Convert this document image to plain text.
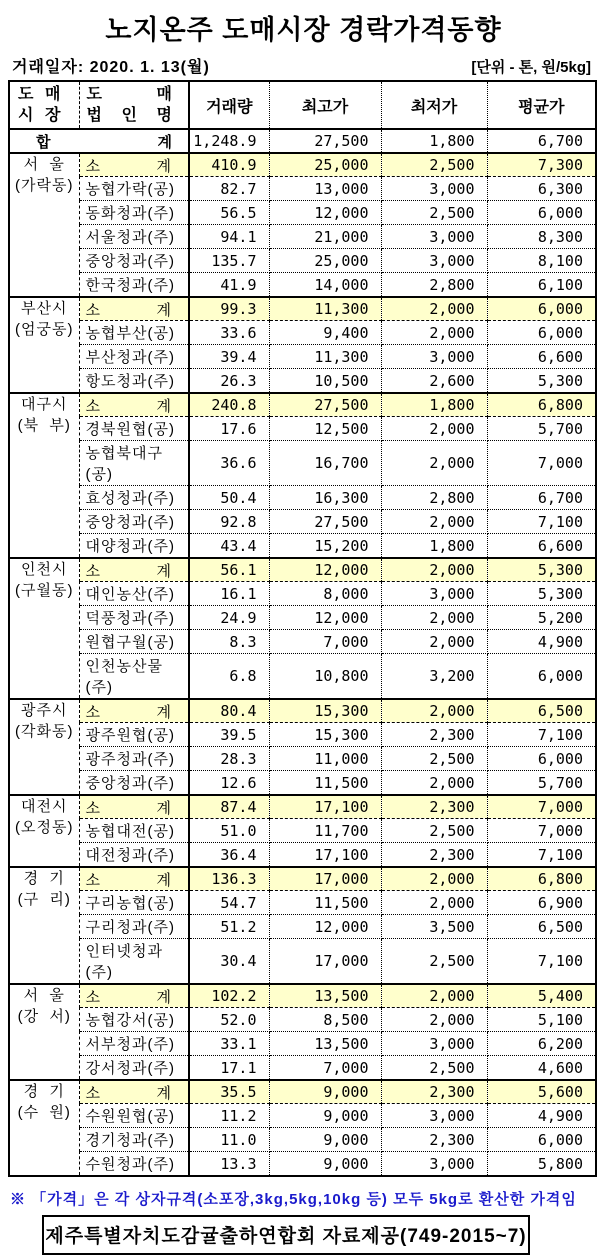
노지온주 도매시장 경락가격동향
거래일자: 2020. 1. 13(월)	[단위 - 톤, 원/5kg]
도 매
시 장

도 매
법 인 명	거래량	최고가	최저가	평균가
합 계		1,248.9	27,500	1,800	6,700

서  울
(가락동)	소 계	410.9	25,000	2,500	7,300
	농협가락(공)	82.7	13,000	3,000	6,300
	동화청과(주)	56.5	12,000	2,500	6,000
	서울청과(주)	94.1	21,000	3,000	8,300
	중앙청과(주)	135.7	25,000	3,000	8,100
	한국청과(주)	41.9	14,000	2,800	6,100

부산시
(엄궁동)	소 계	99.3	11,300	2,000	6,000
	농협부산(공)	33.6	9,400	2,000	6,000
	부산청과(주)	39.4	11,300	3,000	6,600
	항도청과(주)	26.3	10,500	2,600	5,300

대구시
(북  부)	소 계	240.8	27,500	1,800	6,800
	경북원협(공)	17.6	12,500	2,000	5,700
	농협북대구(공)	36.6	16,700	2,000	7,000
	효성청과(주)	50.4	16,300	2,800	6,700
	중앙청과(주)	92.8	27,500	2,000	7,100
	대양청과(주)	43.4	15,200	1,800	6,600

인천시
(구월동)	소 계	56.1	12,000	2,000	5,300
	대인농산(주)	16.1	8,000	3,000	5,300
	덕풍청과(주)	24.9	12,000	2,000	5,200
	원협구월(공)	8.3	7,000	2,000	4,900
	인천농산물(주)	6.8	10,800	3,200	6,000

광주시
(각화동)	소 계	80.4	15,300	2,000	6,500
	광주원협(공)	39.5	15,300	2,300	7,100
	광주청과(주)	28.3	11,000	2,500	6,000
	중앙청과(주)	12.6	11,500	2,000	5,700

대전시
(오정동)	소 계	87.4	17,100	2,300	7,000
	농협대전(공)	51.0	11,700	2,500	7,000
	대전청과(주)	36.4	17,100	2,300	7,100

경  기
(구  리)	소 계	136.3	17,000	2,000	6,800
	구리농협(공)	54.7	11,500	2,000	6,900
	구리청과(주)	51.2	12,000	3,500	6,500
	인터넷청과(주)	30.4	17,000	2,500	7,100

서  울
(강  서)	소 계	102.2	13,500	2,000	5,400
	농협강서(공)	52.0	8,500	2,000	5,100
	서부청과(주)	33.1	13,500	3,000	6,200
	강서청과(주)	17.1	7,000	2,500	4,600

경  기
(수  원)	소 계	35.5	9,000	2,300	5,600
	수원원협(공)	11.2	9,000	3,000	4,900
	경기청과(주)	11.0	9,000	2,300	6,000
	수원청과(주)	13.3	9,000	3,000	5,800
※ 「가격」은 각 상자규격(소포장,3kg,5kg,10kg 등) 모두 5kg로 환산한 가격임
제주특별자치도감귤출하연합회 자료제공(749-2015~7)
